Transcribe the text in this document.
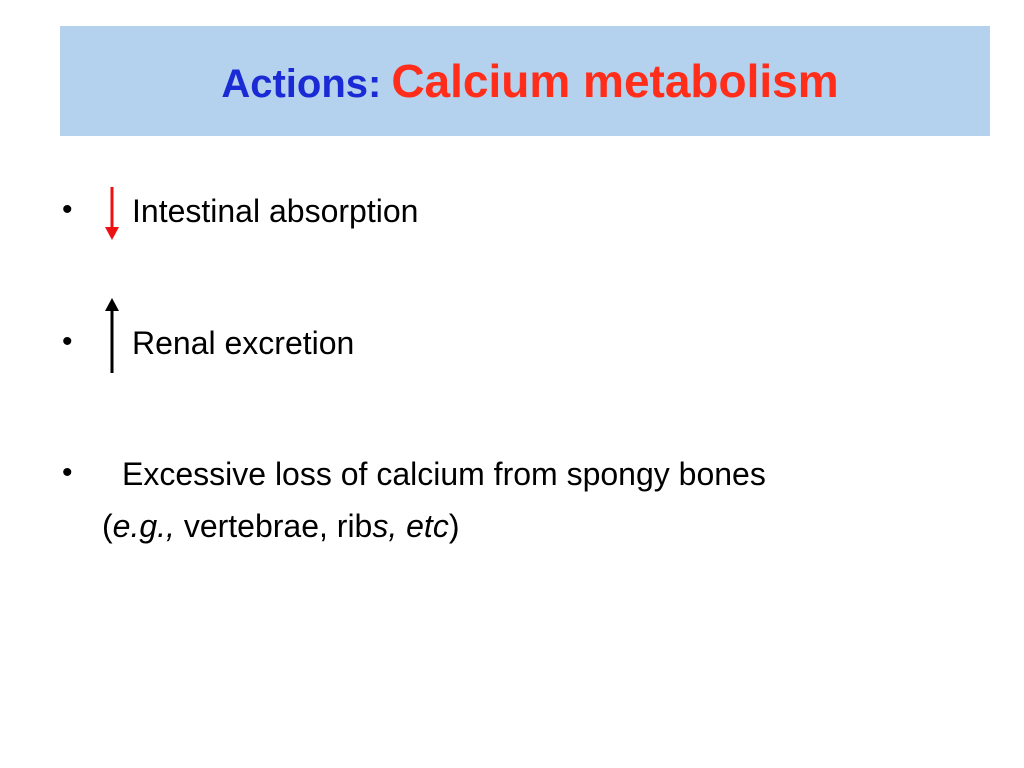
Actions: Calcium metabolism
• Intestinal absorption
• Renal excretion
• Excessive loss of calcium from spongy bones
(e.g., vertebrae, ribs, etc)
